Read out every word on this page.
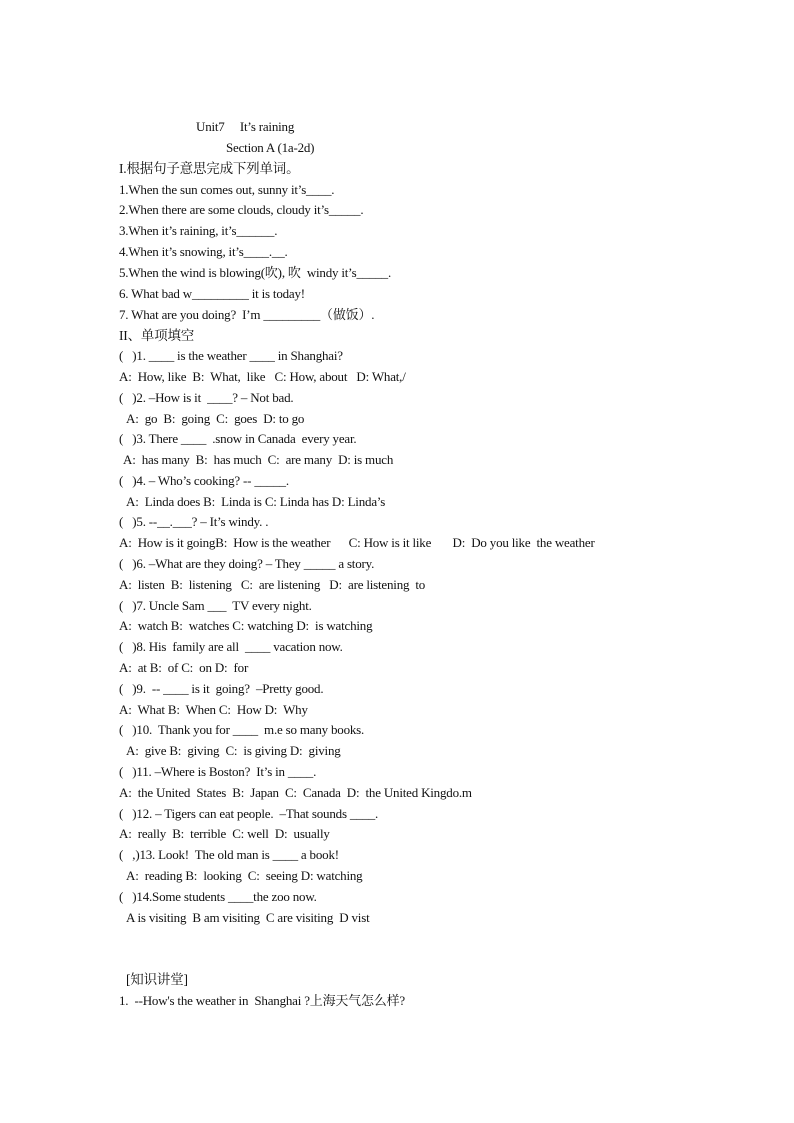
Unit7     It’s raining
Section A (1a-2d)
I.根据句子意思完成下列单词。
1.When the sun comes out, sunny it’s____.
2.When there are some clouds, cloudy it’s_____.
3.When it’s raining, it’s______.
4.When it’s snowing, it’s____.__.
5.When the wind is blowing(吹), 吹  windy it’s_____.
6. What bad w_________ it is today!
7. What are you doing?  I’m _________（做饭）.
II、单项填空
(   )1. ____ is the weather ____ in Shanghai?
A:  How, like  B:  What,  like   C: How, about   D: What,/
(   )2. –How is it  ____? – Not bad.
A:  go  B:  going  C:  goes  D: to go
(   )3. There ____  .snow in Canada  every year.
A:  has many  B:  has much  C:  are many  D: is much
(   )4. – Who’s cooking? -- _____.
A:  Linda does B:  Linda is C: Linda has D: Linda’s
(   )5. --__.___? – It’s windy. .
A:  How is it goingB:  How is the weather      C: How is it like       D:  Do you like  the weather
(   )6. –What are they doing? – They _____ a story.
A:  listen  B:  listening   C:  are listening   D:  are listening  to
(   )7. Uncle Sam ___  TV every night.
A:  watch B:  watches C: watching D:  is watching
(   )8. His  family are all  ____ vacation now.
A:  at B:  of C:  on D:  for
(   )9.  -- ____ is it  going?  –Pretty good.
A:  What B:  When C:  How D:  Why
(   )10.  Thank you for ____  m.e so many books.
A:  give B:  giving  C:  is giving D:  giving
(   )11. –Where is Boston?  It’s in ____.
A:  the United  States  B:  Japan  C:  Canada  D:  the United Kingdo.m
(   )12. – Tigers can eat people.  –That sounds ____.
A:  really  B:  terrible  C: well  D:  usually
(   ,)13. Look!  The old man is ____ a book!
A:  reading B:  looking  C:  seeing D: watching
(   )14.Some students ____the zoo now.
A is visiting  B am visiting  C are visiting  D vist
[知识讲堂]
1.  --How's the weather in  Shanghai ?上海天气怎么样?
